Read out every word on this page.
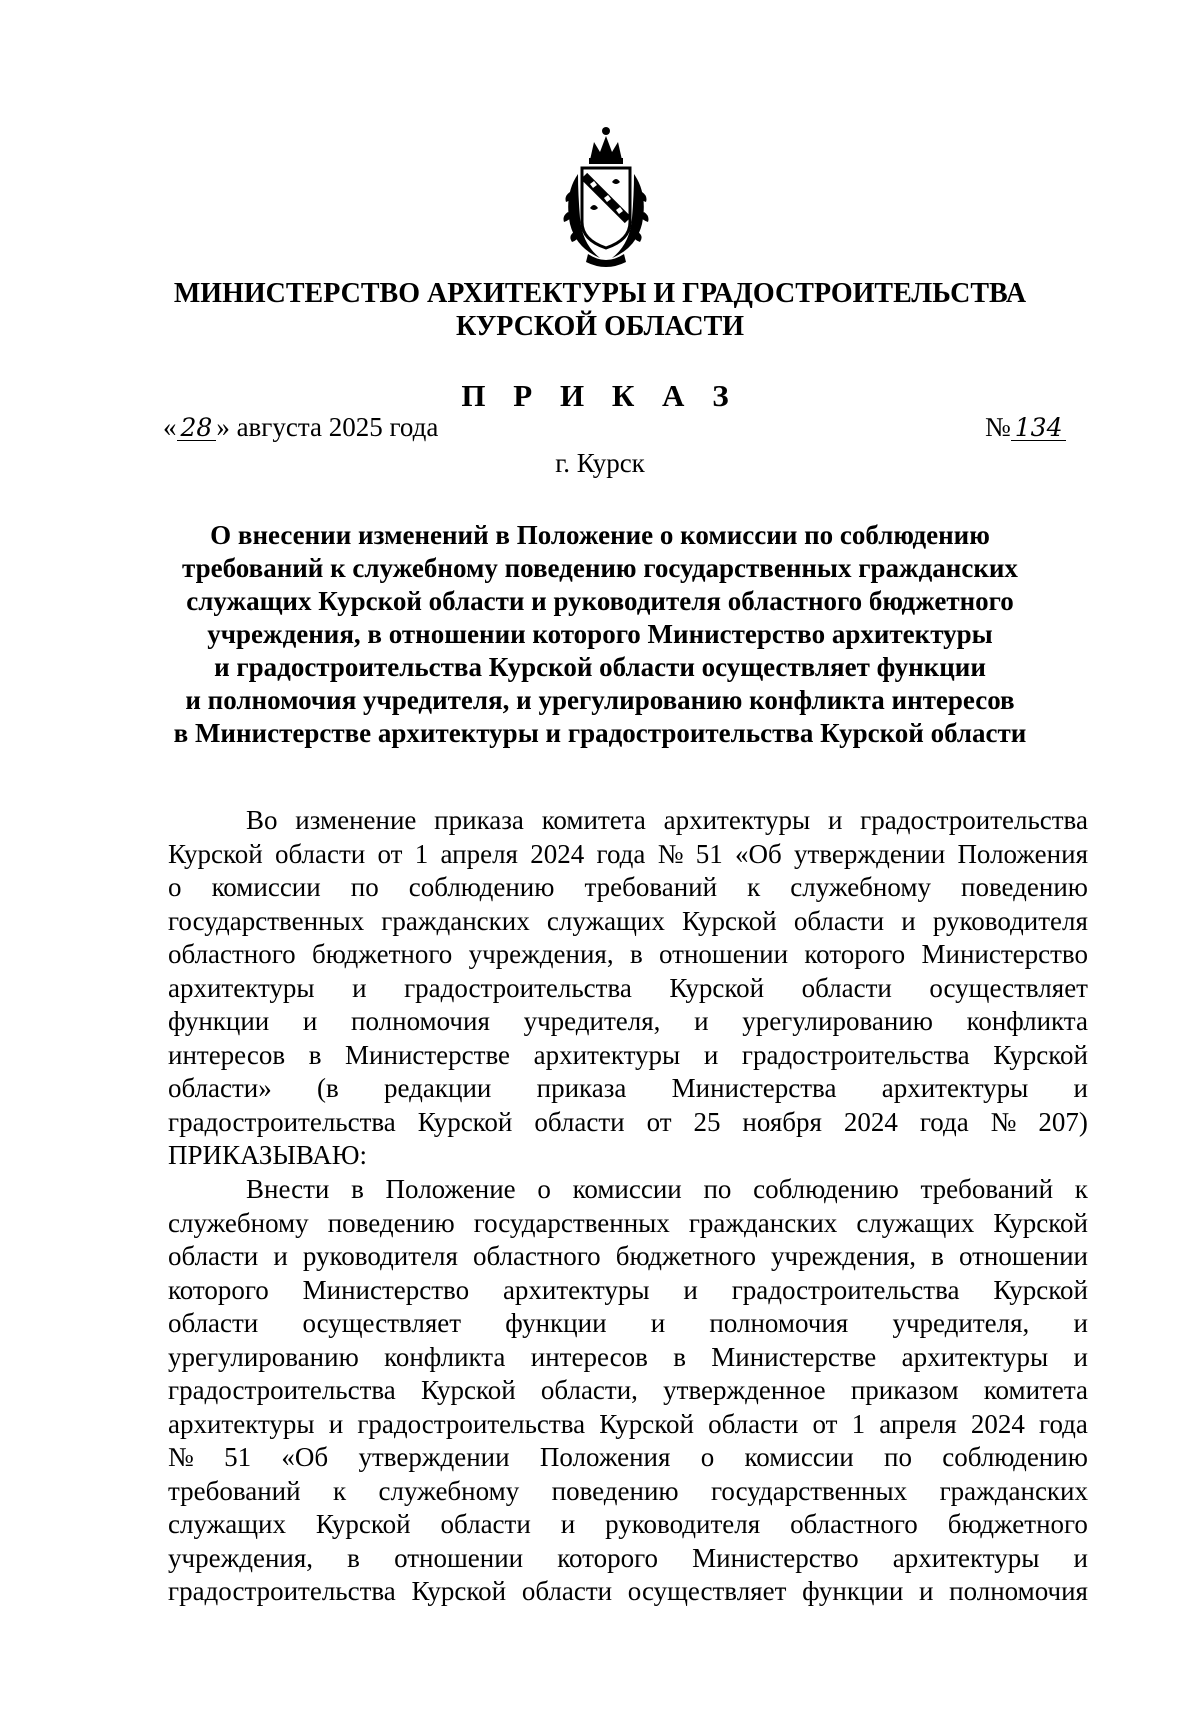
МИНИСТЕРСТВО АРХИТЕКТУРЫ И ГРАДОСТРОИТЕЛЬСТВА
КУРСКОЙ ОБЛАСТИ
П Р И К А З
« 28 » августа 2025 года	№ 134
г. Курск
О внесении изменений в Положение о комиссии по соблюдению
требований к служебному поведению государственных гражданских
служащих Курской области и руководителя областного бюджетного
учреждения, в отношении которого Министерство архитектуры
и градостроительства Курской области осуществляет функции
и полномочия учредителя, и урегулированию конфликта интересов
в Министерстве архитектуры и градостроительства Курской области
Во изменение приказа комитета архитектуры и градостроительства
Курской области от 1 апреля 2024 года № 51 «Об утверждении Положения
о комиссии по соблюдению требований к служебному поведению
государственных гражданских служащих Курской области и руководителя
областного бюджетного учреждения, в отношении которого Министерство
архитектуры и градостроительства Курской области осуществляет
функции и полномочия учредителя, и урегулированию конфликта
интересов в Министерстве архитектуры и градостроительства Курской
области» (в редакции приказа Министерства архитектуры и
градостроительства Курской области от 25 ноября 2024 года № 207)
ПРИКАЗЫВАЮ:
Внести в Положение о комиссии по соблюдению требований к
служебному поведению государственных гражданских служащих Курской
области и руководителя областного бюджетного учреждения, в отношении
которого Министерство архитектуры и градостроительства Курской
области осуществляет функции и полномочия учредителя, и
урегулированию конфликта интересов в Министерстве архитектуры и
градостроительства Курской области, утвержденное приказом комитета
архитектуры и градостроительства Курской области от 1 апреля 2024 года
№ 51 «Об утверждении Положения о комиссии по соблюдению
требований к служебному поведению государственных гражданских
служащих Курской области и руководителя областного бюджетного
учреждения, в отношении которого Министерство архитектуры и
градостроительства Курской области осуществляет функции и полномочия
